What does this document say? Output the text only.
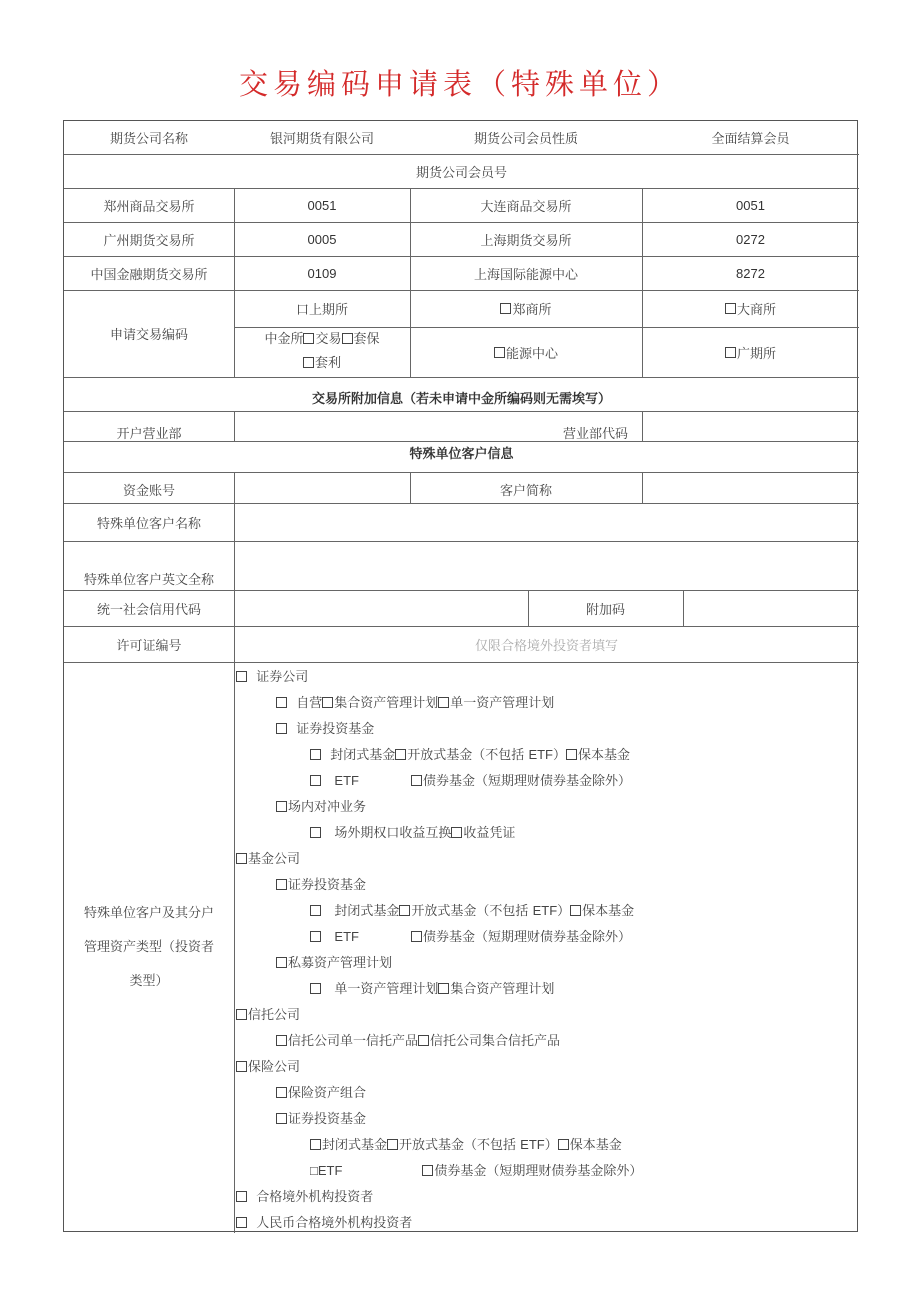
交易编码申请表（特殊单位）
期货公司名称	银河期货有限公司	期货公司会员性质	全面结算会员
期货公司会员号
郑州商品交易所	0051	大连商品交易所	0051
广州期货交易所	0005	上海期货交易所	0272
中国金融期货交易所	0109	上海国际能源中心	8272
申请交易编码
口上期所	郑商所	大商所
中金所 交易 套保
套利
能源中心	广期所
交易所附加信息（若未申请中金所编码则无需埃写）
开户营业部	营业部代码
特殊单位客户信息
资金账号	客户简称
特殊单位客户名称
特殊单位客户英文全称
统一社会信用代码	附加码
许可证编号	仅限合格境外投资者填写
特殊单位客户及其分户
管理资产类型（投资者
类型）
证券公司
自营 集合资产管理计划 单一资产管理计划
证券投资基金
封闭式基金 开放式基金（不包括 ETF） 保本基金
ETF	债券基金（短期理财债券基金除外）
场内对冲业务
场外期权口收益互换 收益凭证
基金公司
证券投资基金
封闭式基金 开放式基金（不包括 ETF） 保本基金
ETF	债券基金（短期理财债券基金除外）
私募资产管理计划
单一资产管理计划 集合资产管理计划
信托公司
信托公司单一信托产品 信托公司集合信托产品
保险公司
保险资产组合
证券投资基金
封闭式基金 开放式基金（不包括 ETF） 保本基金
□ETF	债券基金（短期理财债券基金除外）
合格境外机构投资者
人民币合格境外机构投资者
